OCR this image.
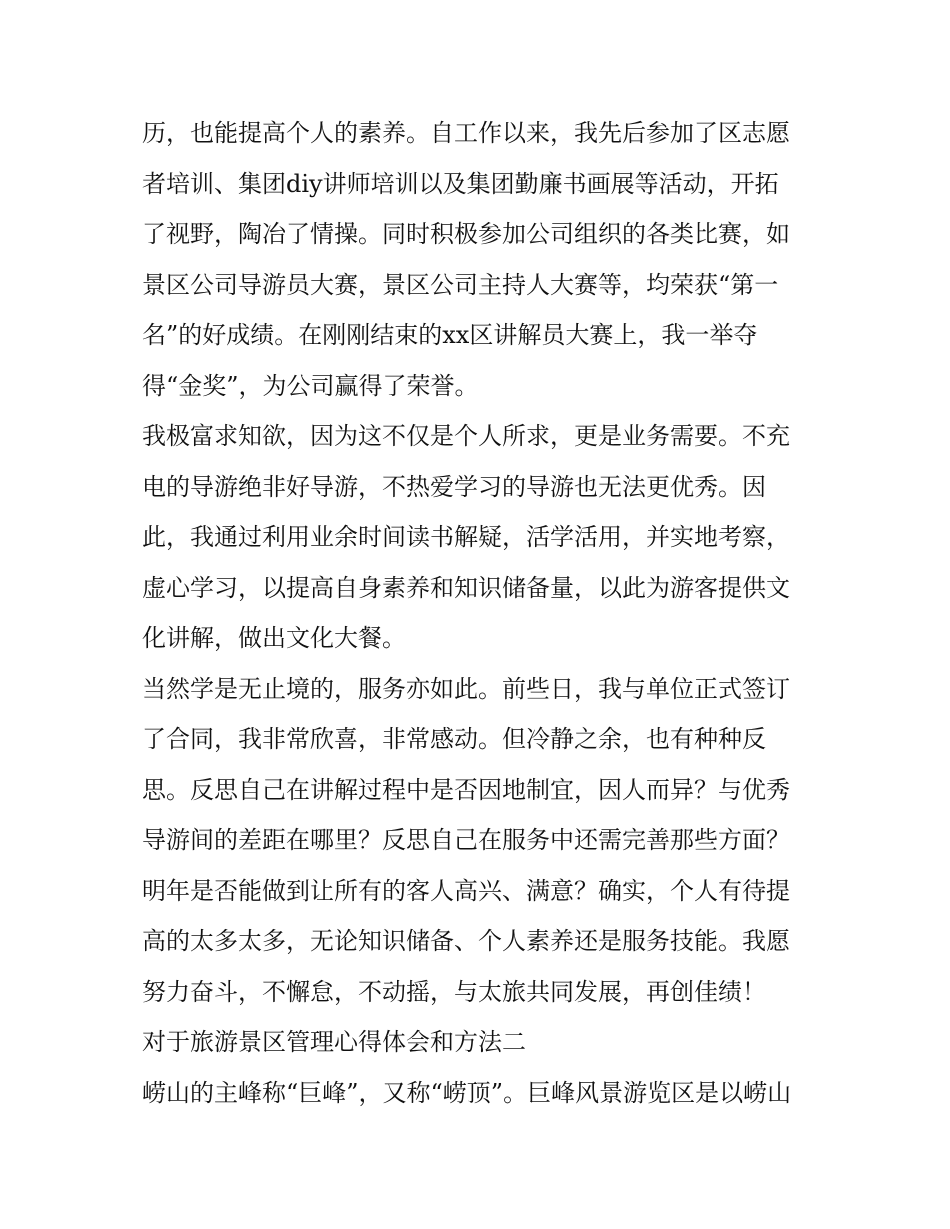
历，也能提高个人的素养。自工作以来，我先后参加了区志愿
者培训、集团diy讲师培训以及集团勤廉书画展等活动，开拓
了视野，陶冶了情操。同时积极参加公司组织的各类比赛，如
景区公司导游员大赛，景区公司主持人大赛等，均荣获“第一
名”的好成绩。在刚刚结束的xx区讲解员大赛上，我一举夺
得“金奖”，为公司赢得了荣誉。
我极富求知欲，因为这不仅是个人所求，更是业务需要。不充
电的导游绝非好导游，不热爱学习的导游也无法更优秀。因
此，我通过利用业余时间读书解疑，活学活用，并实地考察，
虚心学习，以提高自身素养和知识储备量，以此为游客提供文
化讲解，做出文化大餐。
当然学是无止境的，服务亦如此。前些日，我与单位正式签订
了合同，我非常欣喜，非常感动。但冷静之余，也有种种反
思。反思自己在讲解过程中是否因地制宜，因人而异？与优秀
导游间的差距在哪里？反思自己在服务中还需完善那些方面？
明年是否能做到让所有的客人高兴、满意？确实，个人有待提
高的太多太多，无论知识储备、个人素养还是服务技能。我愿
努力奋斗，不懈怠，不动摇，与太旅共同发展，再创佳绩！
对于旅游景区管理心得体会和方法二
崂山的主峰称“巨峰”，又称“崂顶”。巨峰风景游览区是以崂山
